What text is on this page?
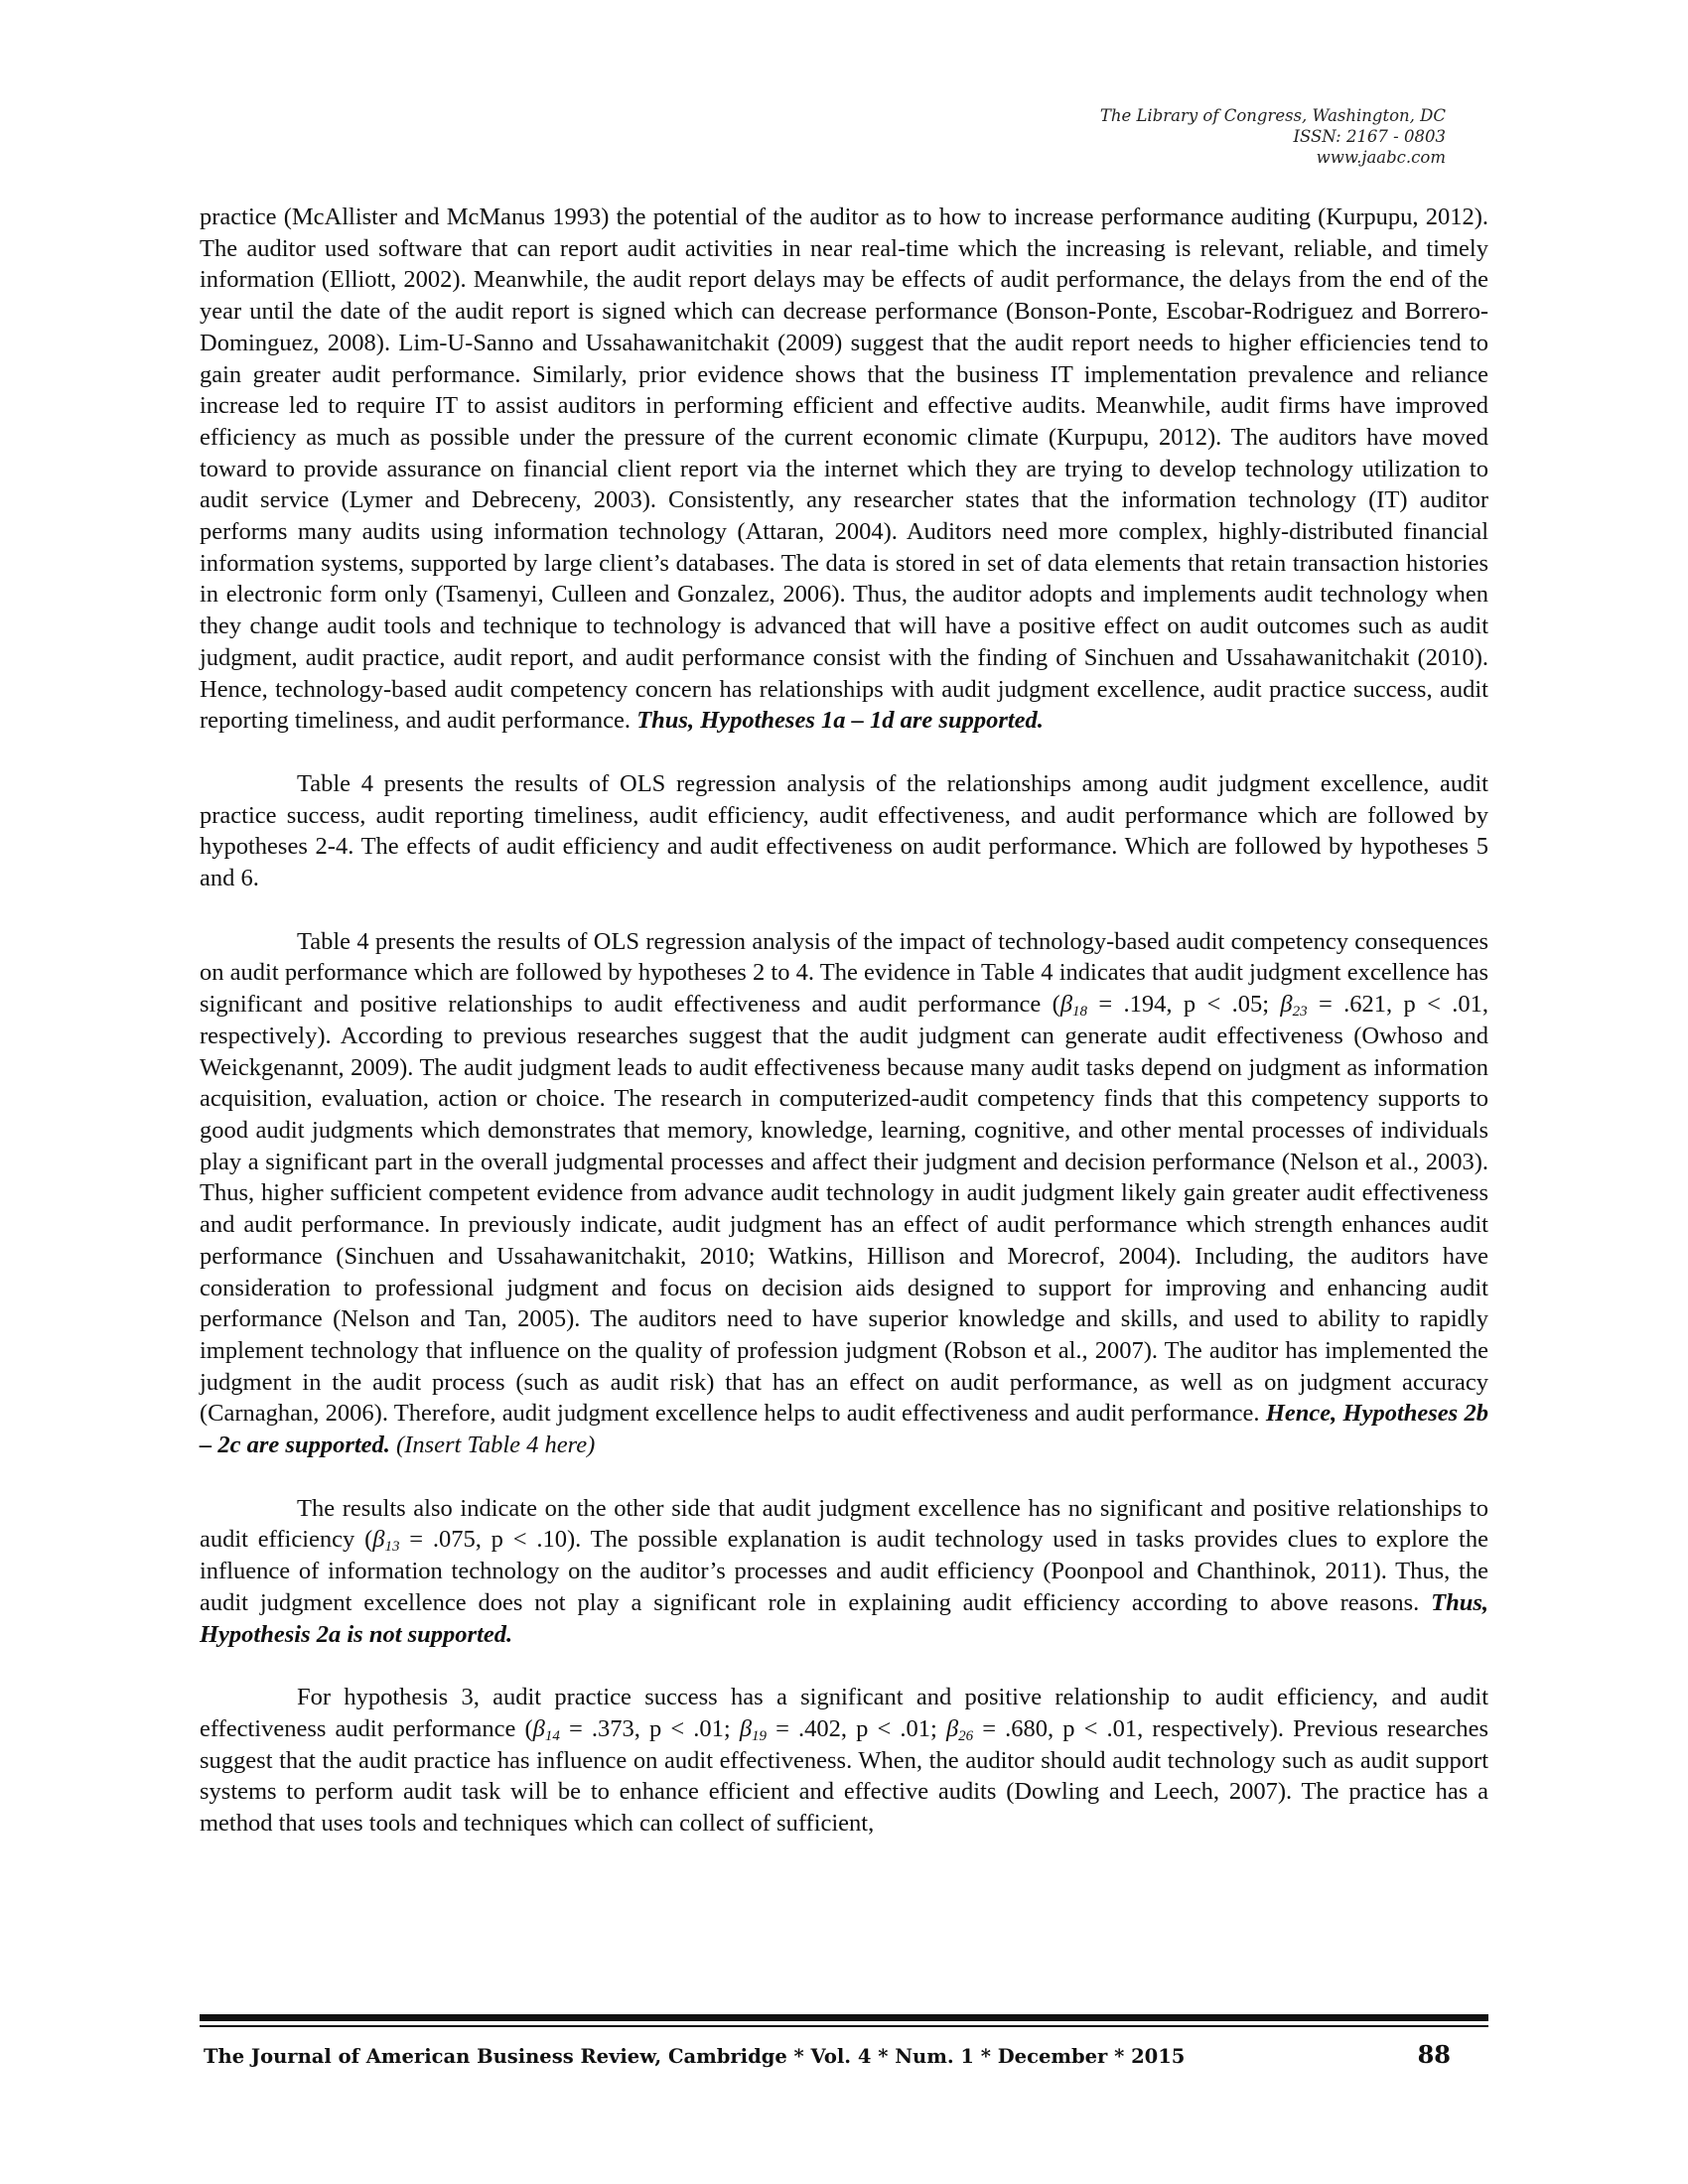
The Library of Congress, Washington, DC
ISSN: 2167 - 0803
www.jaabc.com

practice (McAllister and McManus 1993) the potential of the auditor as to how to increase performance auditing (Kurpupu, 2012). The auditor used software that can report audit activities in near real-time which the increasing is relevant, reliable, and timely information (Elliott, 2002). Meanwhile, the audit report delays may be effects of audit performance, the delays from the end of the year until the date of the audit report is signed which can decrease performance (Bonson-Ponte, Escobar-Rodriguez and Borrero-Dominguez, 2008). Lim-U-Sanno and Ussahawanitchakit (2009) suggest that the audit report needs to higher efficiencies tend to gain greater audit performance. Similarly, prior evidence shows that the business IT implementation prevalence and reliance increase led to require IT to assist auditors in performing efficient and effective audits. Meanwhile, audit firms have improved efficiency as much as possible under the pressure of the current economic climate (Kurpupu, 2012). The auditors have moved toward to provide assurance on financial client report via the internet which they are trying to develop technology utilization to audit service (Lymer and Debreceny, 2003). Consistently, any researcher states that the information technology (IT) auditor performs many audits using information technology (Attaran, 2004). Auditors need more complex, highly-distributed financial information systems, supported by large client’s databases. The data is stored in set of data elements that retain transaction histories in electronic form only (Tsamenyi, Culleen and Gonzalez, 2006). Thus, the auditor adopts and implements audit technology when they change audit tools and technique to technology is advanced that will have a positive effect on audit outcomes such as audit judgment, audit practice, audit report, and audit performance consist with the finding of Sinchuen and Ussahawanitchakit (2010). Hence, technology-based audit competency concern has relationships with audit judgment excellence, audit practice success, audit reporting timeliness, and audit performance. Thus, Hypotheses 1a – 1d are supported.

Table 4 presents the results of OLS regression analysis of the relationships among audit judgment excellence, audit practice success, audit reporting timeliness, audit efficiency, audit effectiveness, and audit performance which are followed by hypotheses 2-4. The effects of audit efficiency and audit effectiveness on audit performance. Which are followed by hypotheses 5 and 6.

Table 4 presents the results of OLS regression analysis of the impact of technology-based audit competency consequences on audit performance which are followed by hypotheses 2 to 4. The evidence in Table 4 indicates that audit judgment excellence has significant and positive relationships to audit effectiveness and audit performance ($\beta_{18} = .194$, p < .05; $\beta_{23} = .621$, p < .01, respectively). According to previous researches suggest that the audit judgment can generate audit effectiveness (Owhoso and Weickgenannt, 2009). The audit judgment leads to audit effectiveness because many audit tasks depend on judgment as information acquisition, evaluation, action or choice. The research in computerized-audit competency finds that this competency supports to good audit judgments which demonstrates that memory, knowledge, learning, cognitive, and other mental processes of individuals play a significant part in the overall judgmental processes and affect their judgment and decision performance (Nelson et al., 2003). Thus, higher sufficient competent evidence from advance audit technology in audit judgment likely gain greater audit effectiveness and audit performance. In previously indicate, audit judgment has an effect of audit performance which strength enhances audit performance (Sinchuen and Ussahawanitchakit, 2010; Watkins, Hillison and Morecrof, 2004). Including, the auditors have consideration to professional judgment and focus on decision aids designed to support for improving and enhancing audit performance (Nelson and Tan, 2005). The auditors need to have superior knowledge and skills, and used to ability to rapidly implement technology that influence on the quality of profession judgment (Robson et al., 2007). The auditor has implemented the judgment in the audit process (such as audit risk) that has an effect on audit performance, as well as on judgment accuracy (Carnaghan, 2006). Therefore, audit judgment excellence helps to audit effectiveness and audit performance. Hence, Hypotheses 2b – 2c are supported. (Insert Table 4 here)

The results also indicate on the other side that audit judgment excellence has no significant and positive relationships to audit efficiency ($\beta_{13} = .075$, p < .10). The possible explanation is audit technology used in tasks provides clues to explore the influence of information technology on the auditor’s processes and audit efficiency (Poonpool and Chanthinok, 2011). Thus, the audit judgment excellence does not play a significant role in explaining audit efficiency according to above reasons. Thus, Hypothesis 2a is not supported.

For hypothesis 3, audit practice success has a significant and positive relationship to audit efficiency, and audit effectiveness audit performance ($\beta_{14} = .373$, p < .01; $\beta_{19} = .402$, p < .01; $\beta_{26} = .680$, p < .01, respectively). Previous researches suggest that the audit practice has influence on audit effectiveness. When, the auditor should audit technology such as audit support systems to perform audit task will be to enhance efficient and effective audits (Dowling and Leech, 2007). The practice has a method that uses tools and techniques which can collect of sufficient,

The Journal of American Business Review, Cambridge * Vol. 4 * Num. 1 * December * 2015	88
